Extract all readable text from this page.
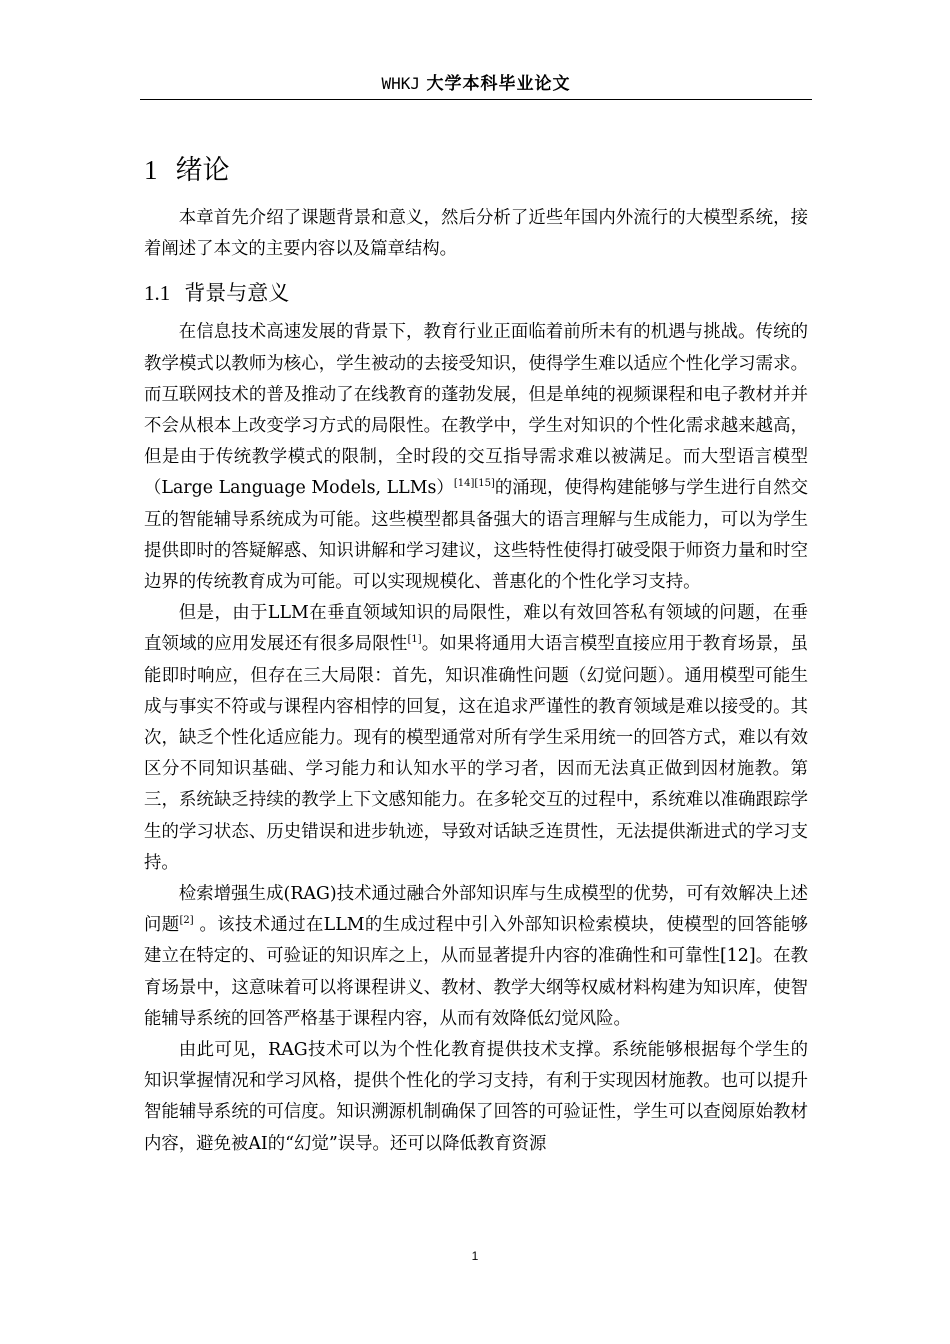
WHKJ 大学本科毕业论文
1 绪论

本章首先介绍了课题背景和意义，然后分析了近些年国内外流行的大模型系统，接着阐述了本文的主要内容以及篇章结构。

1.1 背景与意义

在信息技术高速发展的背景下，教育行业正面临着前所未有的机遇与挑战。传统的教学模式以教师为核心，学生被动的去接受知识，使得学生难以适应个性化学习需求。而互联网技术的普及推动了在线教育的蓬勃发展，但是单纯的视频课程和电子教材并并不会从根本上改变学习方式的局限性。在教学中，学生对知识的个性化需求越来越高，但是由于传统教学模式的限制，全时段的交互指导需求难以被满足。而大型语言模型（Large Language Models, LLMs）[14][15]的涌现，使得构建能够与学生进行自然交互的智能辅导系统成为可能。这些模型都具备强大的语言理解与生成能力，可以为学生提供即时的答疑解惑、知识讲解和学习建议，这些特性使得打破受限于师资力量和时空边界的传统教育成为可能。可以实现规模化、普惠化的个性化学习支持。

但是，由于LLM在垂直领域知识的局限性，难以有效回答私有领域的问题，在垂直领域的应用发展还有很多局限性[1]。如果将通用大语言模型直接应用于教育场景，虽能即时响应，但存在三大局限：首先，知识准确性问题（幻觉问题）。通用模型可能生成与事实不符或与课程内容相悖的回复，这在追求严谨性的教育领域是难以接受的。其次，缺乏个性化适应能力。现有的模型通常对所有学生采用统一的回答方式，难以有效区分不同知识基础、学习能力和认知水平的学习者，因而无法真正做到因材施教。第三，系统缺乏持续的教学上下文感知能力。在多轮交互的过程中，系统难以准确跟踪学生的学习状态、历史错误和进步轨迹，导致对话缺乏连贯性，无法提供渐进式的学习支持。

检索增强生成(RAG)技术通过融合外部知识库与生成模型的优势，可有效解决上述问题[2] 。该技术通过在LLM的生成过程中引入外部知识检索模块，使模型的回答能够建立在特定的、可验证的知识库之上，从而显著提升内容的准确性和可靠性[12]。在教育场景中，这意味着可以将课程讲义、教材、教学大纲等权威材料构建为知识库，使智能辅导系统的回答严格基于课程内容，从而有效降低幻觉风险。

由此可见，RAG技术可以为个性化教育提供技术支撑。系统能够根据每个学生的知识掌握情况和学习风格，提供个性化的学习支持，有利于实现因材施教。也可以提升智能辅导系统的可信度。知识溯源机制确保了回答的可验证性，学生可以查阅原始教材内容，避免被AI的“幻觉”误导。还可以降低教育资源

1
